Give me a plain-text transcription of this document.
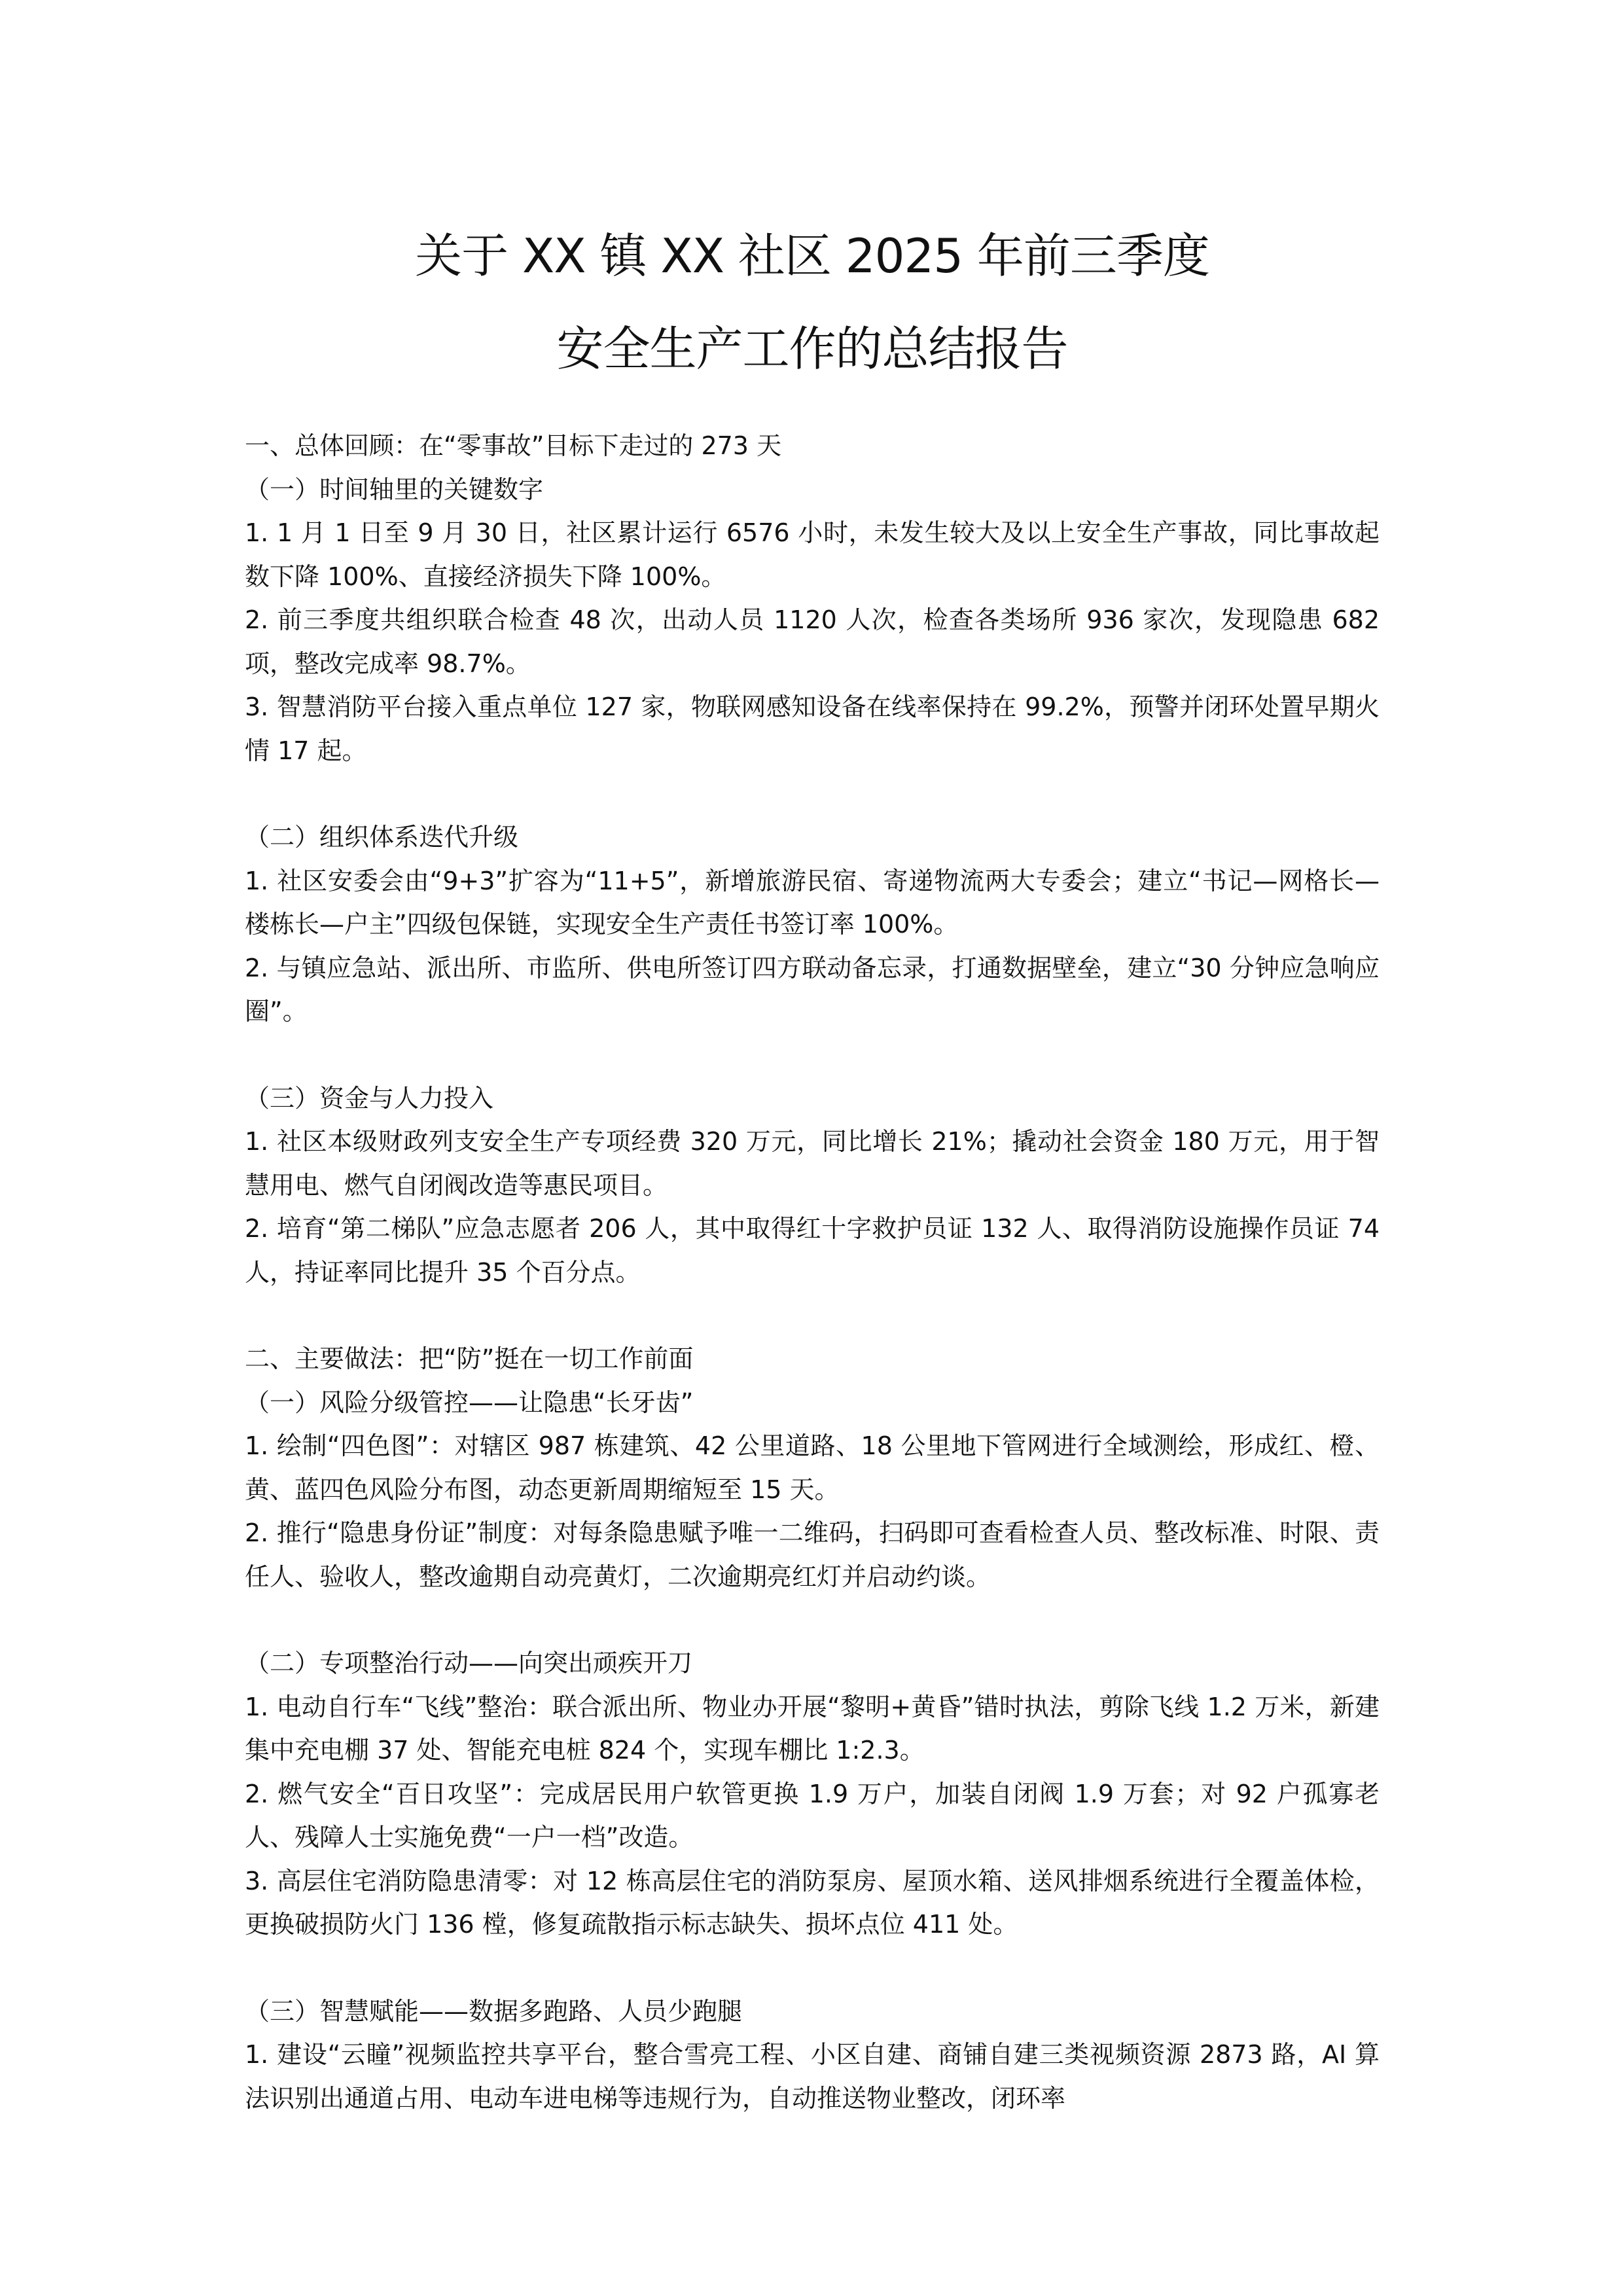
关于 XX 镇 XX 社区 2025 年前三季度
安全生产工作的总结报告

一、总体回顾：在“零事故”目标下走过的 273 天

（一）时间轴里的关键数字

1. 1 月 1 日至 9 月 30 日，社区累计运行 6576 小时，未发生较大及以上安全生产事故，同比事故起数下降 100%、直接经济损失下降 100%。

2. 前三季度共组织联合检查 48 次，出动人员 1120 人次，检查各类场所 936 家次，发现隐患 682 项，整改完成率 98.7%。

3. 智慧消防平台接入重点单位 127 家，物联网感知设备在线率保持在 99.2%，预警并闭环处置早期火情 17 起。

（二）组织体系迭代升级

1. 社区安委会由“9+3”扩容为“11+5”，新增旅游民宿、寄递物流两大专委会；建立“书记—网格长—楼栋长—户主”四级包保链，实现安全生产责任书签订率 100%。

2. 与镇应急站、派出所、市监所、供电所签订四方联动备忘录，打通数据壁垒，建立“30 分钟应急响应圈”。

（三）资金与人力投入

1. 社区本级财政列支安全生产专项经费 320 万元，同比增长 21%；撬动社会资金 180 万元，用于智慧用电、燃气自闭阀改造等惠民项目。

2. 培育“第二梯队”应急志愿者 206 人，其中取得红十字救护员证 132 人、取得消防设施操作员证 74 人，持证率同比提升 35 个百分点。

二、主要做法：把“防”挺在一切工作前面

（一）风险分级管控——让隐患“长牙齿”

1. 绘制“四色图”：对辖区 987 栋建筑、42 公里道路、18 公里地下管网进行全域测绘，形成红、橙、黄、蓝四色风险分布图，动态更新周期缩短至 15 天。

2. 推行“隐患身份证”制度：对每条隐患赋予唯一二维码，扫码即可查看检查人员、整改标准、时限、责任人、验收人，整改逾期自动亮黄灯，二次逾期亮红灯并启动约谈。

（二）专项整治行动——向突出顽疾开刀

1. 电动自行车“飞线”整治：联合派出所、物业办开展“黎明+黄昏”错时执法，剪除飞线 1.2 万米，新建集中充电棚 37 处、智能充电桩 824 个，实现车棚比 1:2.3。

2. 燃气安全“百日攻坚”：完成居民用户软管更换 1.9 万户，加装自闭阀 1.9 万套；对 92 户孤寡老人、残障人士实施免费“一户一档”改造。

3. 高层住宅消防隐患清零：对 12 栋高层住宅的消防泵房、屋顶水箱、送风排烟系统进行全覆盖体检，更换破损防火门 136 樘，修复疏散指示标志缺失、损坏点位 411 处。

（三）智慧赋能——数据多跑路、人员少跑腿

1. 建设“云瞳”视频监控共享平台，整合雪亮工程、小区自建、商铺自建三类视频资源 2873 路，AI 算法识别出通道占用、电动车进电梯等违规行为，自动推送物业整改，闭环率
